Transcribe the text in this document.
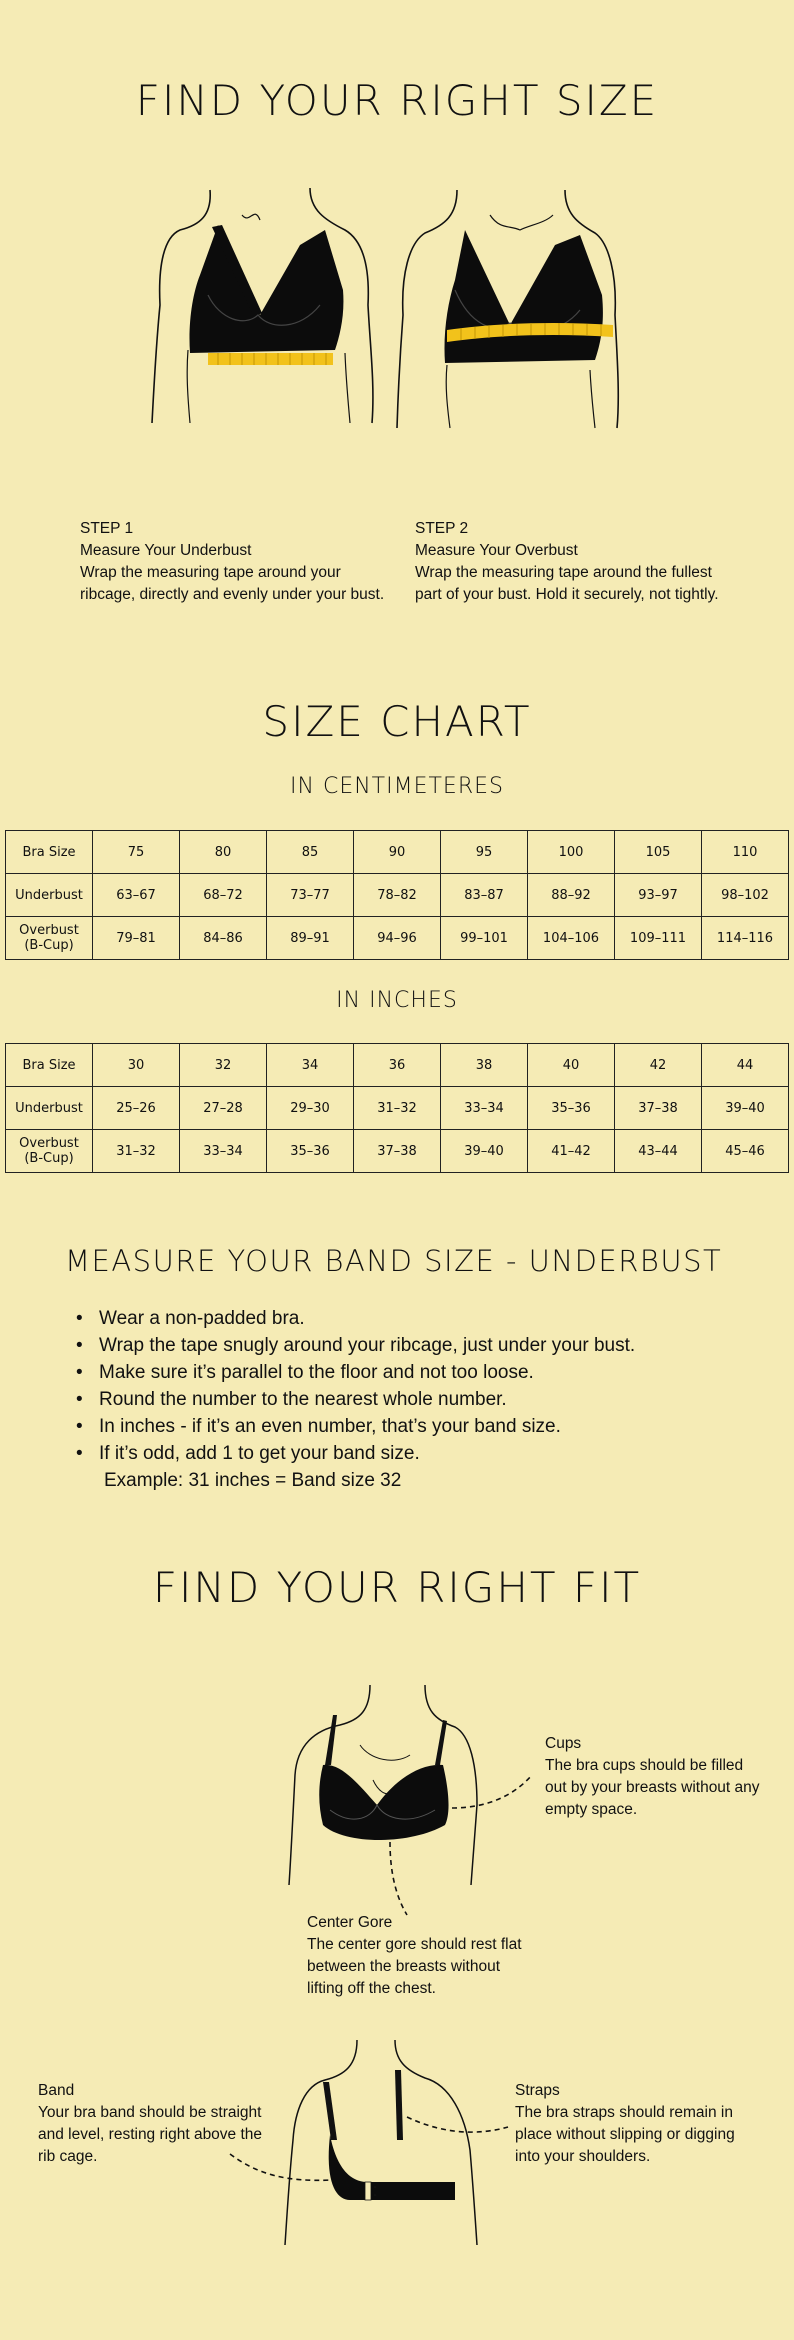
FIND YOUR RIGHT SIZE
STEP 1
Measure Your Underbust
Wrap the measuring tape around your ribcage, directly and evenly under your bust.
STEP 2
Measure Your Overbust
Wrap the measuring tape around the fullest part of your bust. Hold it securely, not tightly.
SIZE CHART
IN CENTIMETERES
Bra Size	75	80	85	90	95	100	105	110
Underbust	63–67	68–72	73–77	78–82	83–87	88–92	93–97	98–102
Overbust
(B-Cup)	79–81	84–86	89–91	94–96	99–101	104–106	109–111	114–116
IN INCHES
Bra Size	30	32	34	36	38	40	42	44
Underbust	25–26	27–28	29–30	31–32	33–34	35–36	37–38	39–40
Overbust
(B-Cup)	31–32	33–34	35–36	37–38	39–40	41–42	43–44	45–46
MEASURE YOUR BAND SIZE - UNDERBUST
• Wear a non-padded bra.
• Wrap the tape snugly around your ribcage, just under your bust.
• Make sure it’s parallel to the floor and not too loose.
• Round the number to the nearest whole number.
• In inches - if it’s an even number, that’s your band size.
• If it’s odd, add 1 to get your band size.
Example: 31 inches = Band size 32
FIND YOUR RIGHT FIT
Cups
The bra cups should be filled out by your breasts without any empty space.
Center Gore
The center gore should rest flat between the breasts without lifting off the chest.
Band
Your bra band should be straight and level, resting right above the rib cage.
Straps
The bra straps should remain in place without slipping or digging into your shoulders.
